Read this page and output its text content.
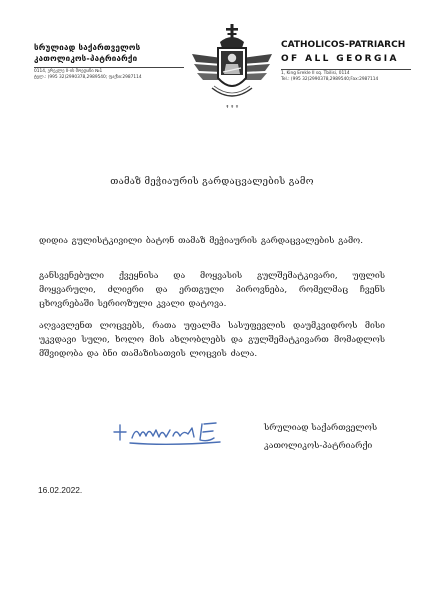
სრულიად საქართველოს
კათოლიკოს-პატრიარქი
0114, ერეკლე II-ის მოედანი №1
ტელ.: (995 32)2990378,2989540; ფაქსი:2987114
✝ ✝ ✝
CATHOLICOS-PATRIARCH
OF ALL GEORGIA
1, King Erekle II sq. Tbilisi, 0114
Tel.: (995 32)2990378,2989540;Fax:2987114
თამაზ მეჭიაურის გარდაცვალების გამო
დიდია გულისტკივილი ბატონ თამაზ მეჭიაურის გარდაცვალების გამო.
განსვენებული ქვეყნისა და მოყვასის გულშემატკივარი, უფლის მოყვარული, ძლიერი და ერთგული პიროვნება, რომელმაც ჩვენს ცხოვრებაში სერიოზული კვალი დატოვა.
აღვავლენთ ლოცვებს, რათა უფალმა სასუფევლის დაუმკვიდროს მისი უკვდავი სული, ხოლო მის ახლობლებს და გულშემატკივართ მომადლოს მშვიდობა და ბნი თამაზისათვის ლოცვის ძალა.
სრულიად საქართველოს
კათოლიკოს-პატრიარქი
16.02.2022.
